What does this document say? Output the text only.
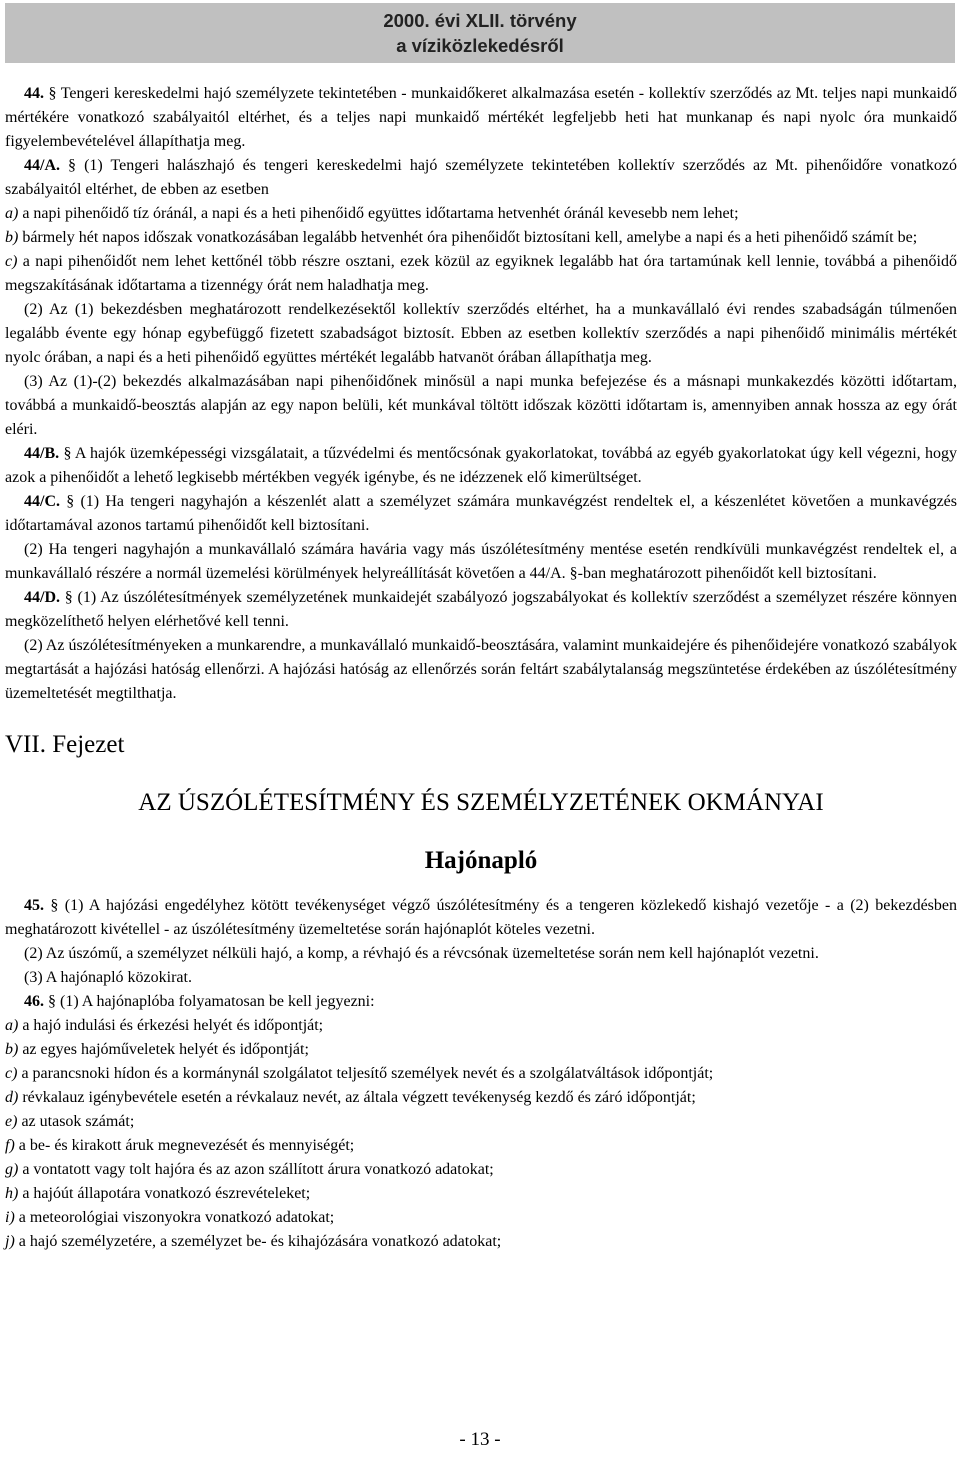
2000. évi XLII. törvény
a víziközlekedésről

44. § Tengeri kereskedelmi hajó személyzete tekintetében - munkaidőkeret alkalmazása esetén - kollektív szerződés az Mt. teljes napi munkaidő mértékére vonatkozó szabályaitól eltérhet, és a teljes napi munkaidő mértékét legfeljebb heti hat munkanap és napi nyolc óra munkaidő figyelembevételével állapíthatja meg.

44/A. § (1) Tengeri halászhajó és tengeri kereskedelmi hajó személyzete tekintetében kollektív szerződés az Mt. pihenőidőre vonatkozó szabályaitól eltérhet, de ebben az esetben

a) a napi pihenőidő tíz óránál, a napi és a heti pihenőidő együttes időtartama hetvenhét óránál kevesebb nem lehet;

b) bármely hét napos időszak vonatkozásában legalább hetvenhét óra pihenőidőt biztosítani kell, amelybe a napi és a heti pihenőidő számít be;

c) a napi pihenőidőt nem lehet kettőnél több részre osztani, ezek közül az egyiknek legalább hat óra tartamúnak kell lennie, továbbá a pihenőidő megszakításának időtartama a tizennégy órát nem haladhatja meg.

(2) Az (1) bekezdésben meghatározott rendelkezésektől kollektív szerződés eltérhet, ha a munkavállaló évi rendes szabadságán túlmenően legalább évente egy hónap egybefüggő fizetett szabadságot biztosít. Ebben az esetben kollektív szerződés a napi pihenőidő minimális mértékét nyolc órában, a napi és a heti pihenőidő együttes mértékét legalább hatvanöt órában állapíthatja meg.

(3) Az (1)-(2) bekezdés alkalmazásában napi pihenőidőnek minősül a napi munka befejezése és a másnapi munkakezdés közötti időtartam, továbbá a munkaidő-beosztás alapján az egy napon belüli, két munkával töltött időszak közötti időtartam is, amennyiben annak hossza az egy órát eléri.

44/B. § A hajók üzemképességi vizsgálatait, a tűzvédelmi és mentőcsónak gyakorlatokat, továbbá az egyéb gyakorlatokat úgy kell végezni, hogy azok a pihenőidőt a lehető legkisebb mértékben vegyék igénybe, és ne idézzenek elő kimerültséget.

44/C. § (1) Ha tengeri nagyhajón a készenlét alatt a személyzet számára munkavégzést rendeltek el, a készenlétet követően a munkavégzés időtartamával azonos tartamú pihenőidőt kell biztosítani.

(2) Ha tengeri nagyhajón a munkavállaló számára havária vagy más úszólétesítmény mentése esetén rendkívüli munkavégzést rendeltek el, a munkavállaló részére a normál üzemelési körülmények helyreállítását követően a 44/A. §-ban meghatározott pihenőidőt kell biztosítani.

44/D. § (1) Az úszólétesítmények személyzetének munkaidejét szabályozó jogszabályokat és kollektív szerződést a személyzet részére könnyen megközelíthető helyen elérhetővé kell tenni.

(2) Az úszólétesítményeken a munkarendre, a munkavállaló munkaidő-beosztására, valamint munkaidejére és pihenőidejére vonatkozó szabályok megtartását a hajózási hatóság ellenőrzi. A hajózási hatóság az ellenőrzés során feltárt szabálytalanság megszüntetése érdekében az úszólétesítmény üzemeltetését megtilthatja.

VII. Fejezet

AZ ÚSZÓLÉTESÍTMÉNY ÉS SZEMÉLYZETÉNEK OKMÁNYAI

Hajónapló

45. § (1) A hajózási engedélyhez kötött tevékenységet végző úszólétesítmény és a tengeren közlekedő kishajó vezetője - a (2) bekezdésben meghatározott kivétellel - az úszólétesítmény üzemeltetése során hajónaplót köteles vezetni.

(2) Az úszómű, a személyzet nélküli hajó, a komp, a révhajó és a révcsónak üzemeltetése során nem kell hajónaplót vezetni.

(3) A hajónapló közokirat.

46. § (1) A hajónaplóba folyamatosan be kell jegyezni:

a) a hajó indulási és érkezési helyét és időpontját;

b) az egyes hajóműveletek helyét és időpontját;

c) a parancsnoki hídon és a kormánynál szolgálatot teljesítő személyek nevét és a szolgálatváltások időpontját;

d) révkalauz igénybevétele esetén a révkalauz nevét, az általa végzett tevékenység kezdő és záró időpontját;

e) az utasok számát;

f) a be- és kirakott áruk megnevezését és mennyiségét;

g) a vontatott vagy tolt hajóra és az azon szállított árura vonatkozó adatokat;

h) a hajóút állapotára vonatkozó észrevételeket;

i) a meteorológiai viszonyokra vonatkozó adatokat;

j) a hajó személyzetére, a személyzet be- és kihajózására vonatkozó adatokat;

- 13 -
